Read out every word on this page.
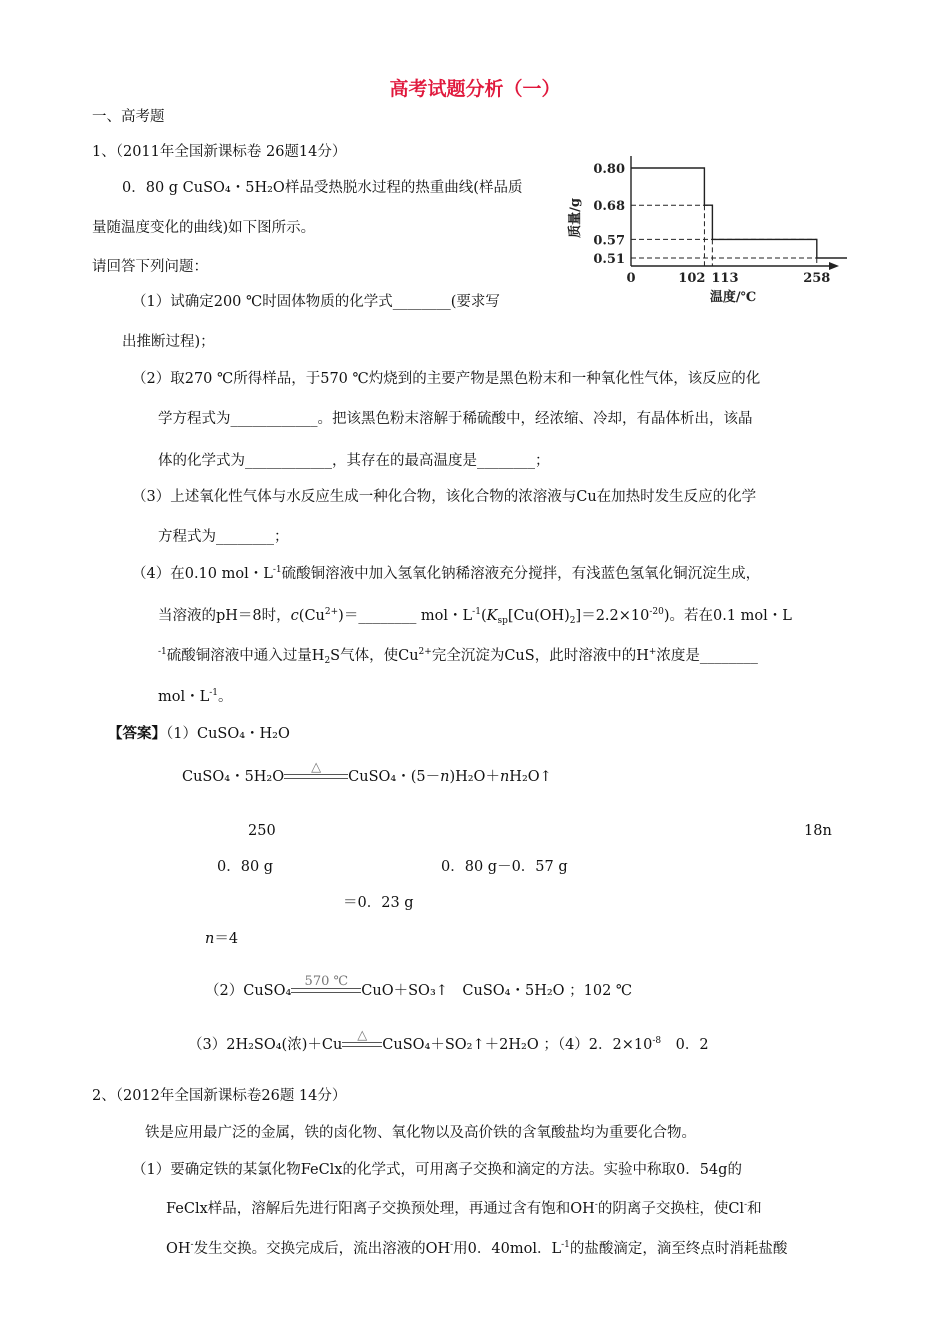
高考试题分析（一）
一、高考题
1、（2011年全国新课标卷 26题14分）
0．80 g CuSO₄・5H₂O样品受热脱水过程的热重曲线(样品质
量随温度变化的曲线)如下图所示。
请回答下列问题：
（1）试确定200 ℃时固体物质的化学式________(要求写
出推断过程)；
（2）取270 ℃所得样品，于570 ℃灼烧到的主要产物是黑色粉末和一种氧化性气体，该反应的化
学方程式为____________。把该黑色粉末溶解于稀硫酸中，经浓缩、冷却，有晶体析出，该晶
体的化学式为____________，其存在的最高温度是________；
（3）上述氧化性气体与水反应生成一种化合物，该化合物的浓溶液与Cu在加热时发生反应的化学
方程式为________；
（4）在0.10 mol・$L^{-1}$硫酸铜溶液中加入氢氧化钠稀溶液充分搅拌，有浅蓝色氢氧化铜沉淀生成，
当溶液的pH＝8时，$c(Cu^{2+})=\_\_\_\_\_\_\_\_$ mol・$L^{-1}(K_{sp}[Cu(OH)_2]=2.2\times 10^{-20})$。若在0.1 mol・L
$^{-1}$硫酸铜溶液中通入过量$H_2S$气体，使$Cu^{2+}$完全沉淀为CuS，此时溶液中的H+浓度是________
mol・$L^{-1}$。
0.80
0.68
0.57
0.51
0	102 113	258
温度/℃
质量/g
【答案】（1）CuSO₄・H₂O
CuSO₄・5H₂O
△
CuSO₄・(5－n)H₂O＋nH₂O↑
250	18n
0．80 g	0．80 g－0．57 g
＝0．23 g
n＝4
（2）CuSO₄
570 ℃
CuO＋SO₃↑　CuSO₄・5H₂O ；102 ℃
（3）2H₂SO₄(浓)＋Cu
△
CuSO₄＋SO₂↑＋2H₂O ；（4）2．$2\times 10^{-8}$　0．2
2、（2012年全国新课标卷26题 14分）
铁是应用最广泛的金属，铁的卤化物、氧化物以及高价铁的含氧酸盐均为重要化合物。
（1）要确定铁的某氯化物FeClx的化学式，可用离子交换和滴定的方法。实验中称取0．54g的
FeClx样品，溶解后先进行阳离子交换预处理，再通过含有饱和OH-的阴离子交换柱，使Cl-和
OH-发生交换。交换完成后，流出溶液的OH-用0．40mol．$L^{-1}$的盐酸滴定，滴至终点时消耗盐酸
